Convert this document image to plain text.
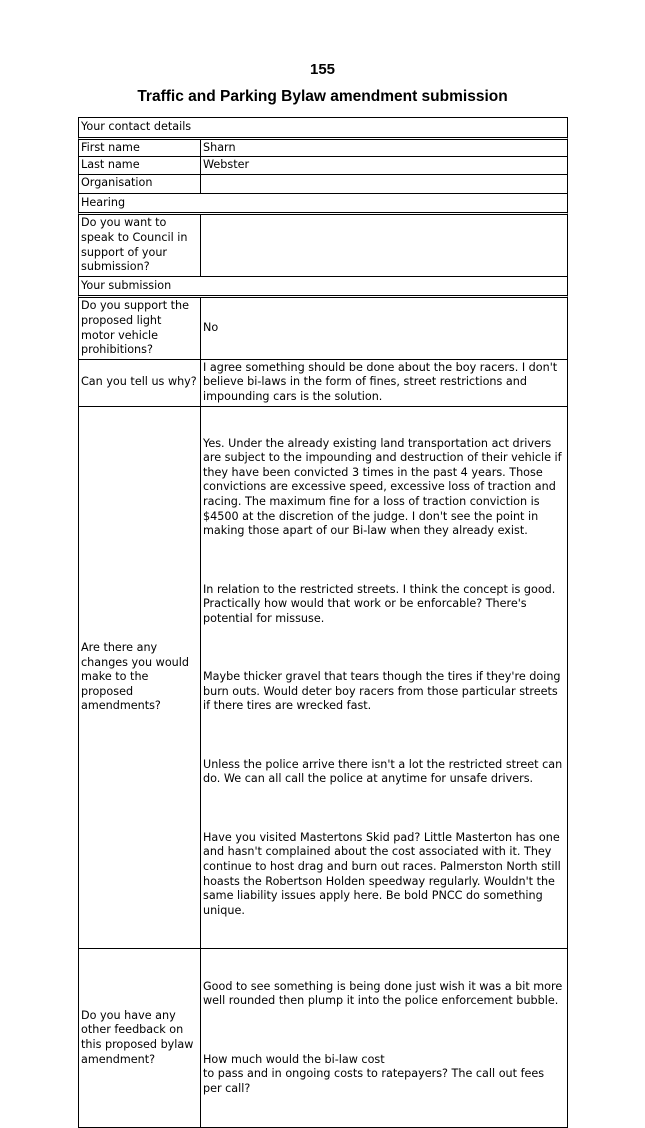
155
Traffic and Parking Bylaw amendment submission
Your contact details
First name	Sharn
Last name	Webster
Organisation
Hearing
Do you want to speak to Council in support of your submission?
Your submission
Do you support the proposed light motor vehicle prohibitions?
No
Can you tell us why?
I agree something should be done about the boy racers. I don't believe bi-laws in the form of fines, street restrictions and impounding cars is the solution.
Are there any changes you would make to the proposed amendments?

Yes. Under the already existing land transportation act drivers are subject to the impounding and destruction of their vehicle if they have been convicted 3 times in the past 4 years. Those convictions are excessive speed, excessive loss of traction and racing. The maximum fine for a loss of traction conviction is $4500 at the discretion of the judge. I don't see the point in making those apart of our Bi-law when they already exist.

In relation to the restricted streets. I think the concept is good. Practically how would that work or be enforcable? There's potential for missuse.

Maybe thicker gravel that tears though the tires if they're doing burn outs. Would deter boy racers from those particular streets if there tires are wrecked fast.

Unless the police arrive there isn't a lot the restricted street can do. We can all call the police at anytime for unsafe drivers.

Have you visited Mastertons Skid pad? Little Masterton has one and hasn't complained about the cost associated with it. They continue to host drag and burn out races. Palmerston North still hoasts the Robertson Holden speedway regularly. Wouldn't the same liability issues apply here. Be bold PNCC do something unique.

Do you have any other feedback on this proposed bylaw amendment?

Good to see something is being done just wish it was a bit more well rounded then plump it into the police enforcement bubble.

How much would the bi-law cost
to pass and in ongoing costs to ratepayers? The call out fees per call?
